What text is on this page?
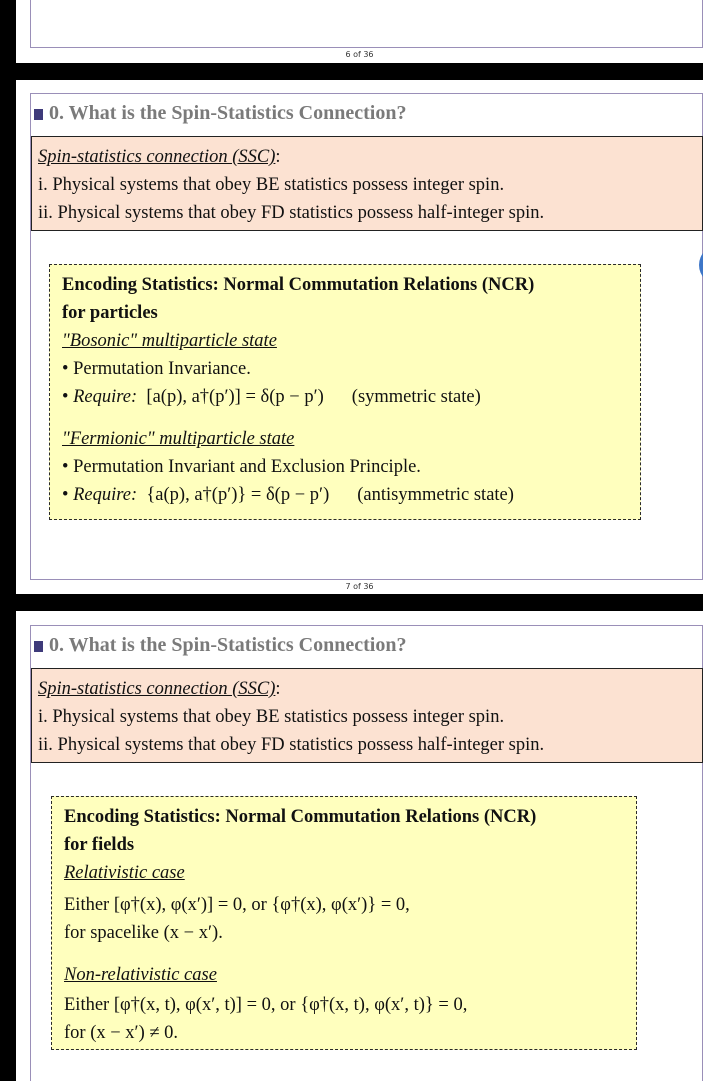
6 of 36
0. What is the Spin-Statistics Connection?
Spin-statistics connection (SSC):
i. Physical systems that obey BE statistics possess integer spin.
ii. Physical systems that obey FD statistics possess half-integer spin.
Encoding Statistics: Normal Commutation Relations (NCR)
for particles
"Bosonic" multiparticle state
• Permutation Invariance.
• Require: [a(p), a†(p′)] = δ(p − p′) (symmetric state)
"Fermionic" multiparticle state
• Permutation Invariant and Exclusion Principle.
• Require: {a(p), a†(p′)} = δ(p − p′) (antisymmetric state)
7 of 36
0. What is the Spin-Statistics Connection?
Spin-statistics connection (SSC):
i. Physical systems that obey BE statistics possess integer spin.
ii. Physical systems that obey FD statistics possess half-integer spin.
Encoding Statistics: Normal Commutation Relations (NCR)
for fields
Relativistic case
Either [φ†(x), φ(x′)] = 0, or {φ†(x), φ(x′)} = 0,
for spacelike (x − x′).
Non-relativistic case
Either [φ†(x, t), φ(x′, t)] = 0, or {φ†(x, t), φ(x′, t)} = 0,
for (x − x′) ≠ 0.
